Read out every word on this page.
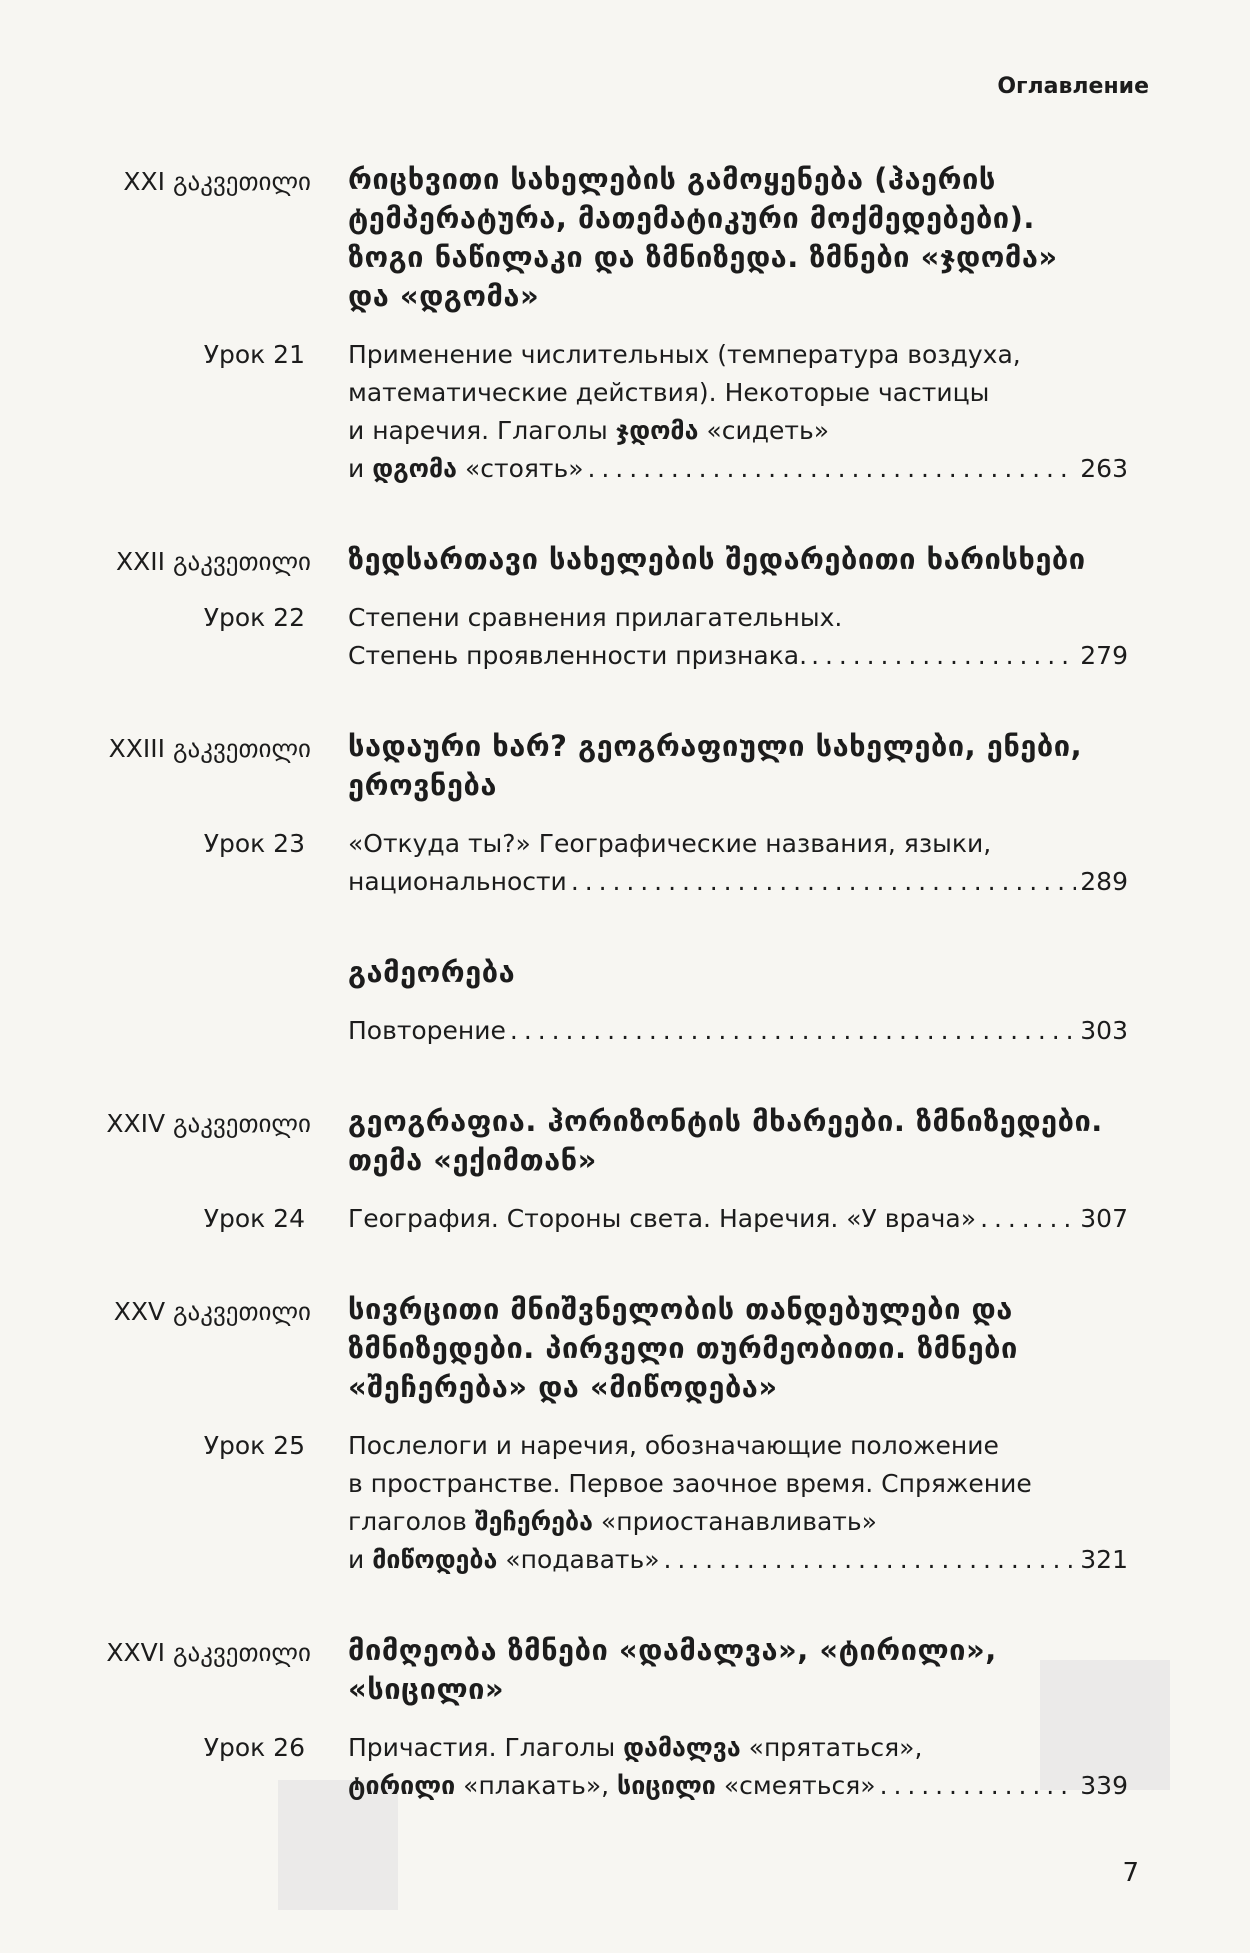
Оглавление
XXI გაკვეთილი რიცხვითი სახელების გამოყენება (ჰაერის ტემპერატურა, მათემატიკური მოქმედებები). ზოგი ნაწილაკი და ზმნიზედა. ზმნები «ჯდომა» და «დგომა»
Урок 21 Применение числительных (температура воздуха,
математические действия). Некоторые частицы
и наречия. Глаголы ჯდომა «сидеть»
и დგომა «стоять» . . .	263
XXII გაკვეთილი ზედსართავი სახელების შედარებითი ხარისხები
Урок 22 Степени сравнения прилагательных.
Степень проявленности признака. . . .	279
XXIII გაკვეთილი სადაური ხარ? გეოგრაფიული სახელები, ენები, ეროვნება
Урок 23 «Откуда ты?» Географические названия, языки,
национальности . . .	289
გამეორება
Повторение . . .	303
XXIV გაკვეთილი გეოგრაფია. ჰორიზონტის მხარეები. ზმნიზედები. თემა «ექიმთან»
Урок 24 География. Стороны света. Наречия. «У врача» . . .	307
XXV გაკვეთილი სივრცითი მნიშვნელობის თანდებულები და ზმნიზედები. პირველი თურმეობითი. ზმნები «შეჩერება» და «მიწოდება»
Урок 25 Послелоги и наречия, обозначающие положение
в пространстве. Первое заочное время. Спряжение
глаголов შეჩერება «приостанавливать»
и მიწოდება «подавать» . . .	321
XXVI გაკვეთილი მიმღეობა ზმნები «დამალვა», «ტირილი», «სიცილი»
Урок 26 Причастия. Глаголы დამალვა «прятаться»,
ტირილი «плакать», სიცილი «смеяться» . . .	339
7
